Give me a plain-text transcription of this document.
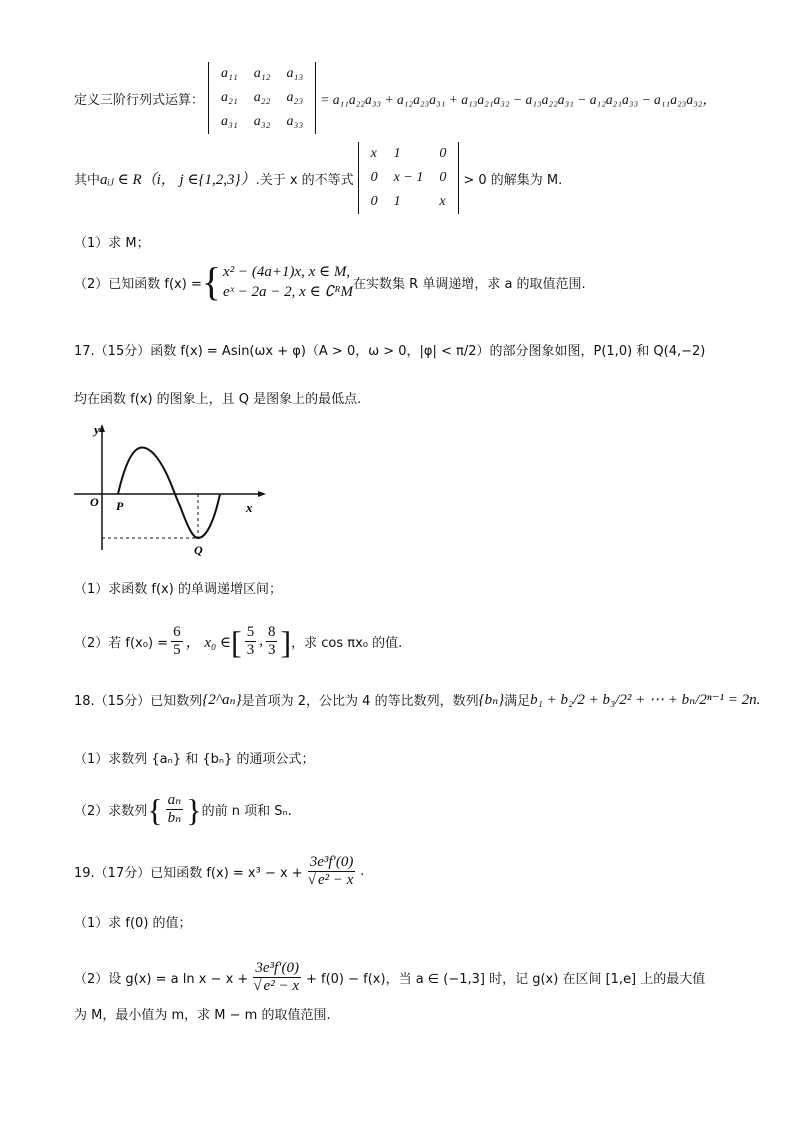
定义三阶行列式运算：
a₁₁	a₁₂	a₁₃
a₂₁	a₂₂	a₂₃
a₃₁	a₃₂	a₃₃
= a₁₁a₂₂a₃₃ + a₁₂a₂₃a₃₁ + a₁₃a₂₁a₃₂ − a₁₃a₂₂a₃₁ − a₁₂a₂₁a₃₃ − a₁₁a₂₃a₃₂，
其中 aᵢⱼ ∈ R（i， j ∈{1,2,3}） .关于 x 的不等式
x	1	0
0	x − 1	0
0	1	x
> 0 的解集为 M.
（1）求 M；
（2）已知函数 f(x) = { x² − (4a+1)x, x ∈ M,
eˣ − 2a − 2, x ∈ ∁ᴿM 在实数集 R 单调递增，求 a 的取值范围.
17.（15分）函数 f(x) = Asin(ωx + φ)（A > 0，ω > 0，|φ| < π/2）的部分图象如图，P(1,0) 和 Q(4,−2)
均在函数 f(x) 的图象上，且 Q 是图象上的最低点.
y
x
O P
Q
（1）求函数 f(x) 的单调递增区间；
（2）若 $f(x_0) = \frac{6}{5}$ ， x₀ ∈ [ $\frac{5}{3}$ , $\frac{8}{3}$ ] ，求 cos πx₀ 的值.
18.（15分）已知数列 {2^aₙ} 是首项为 2，公比为 4 的等比数列，数列 {bₙ} 满足 b₁ + b₂/2 + b₃/2² + ⋯ + bₙ/2ⁿ⁻¹ = 2n.
（1）求数列 {aₙ} 和 {bₙ} 的通项公式；
（2）求数列 { $\frac{\text{aₙ}}{\text{bₙ}}$ } 的前 n 项和 Sₙ.
19.（17分）已知函数 $f(x) = x^3 - x + \frac{\text{3e³f′(0)}}{\text{√ e² − x}}$ .
（1）求 f(0) 的值；
（2）设 g(x) = a $\ln x - x + \frac{\text{3e³f′(0)}}{\text{√ e² − x}} + f(0) - f(x)$，当 a ∈ (−1,3] 时，记 g(x) 在区间 [1,e] 上的最大值
为 M，最小值为 m，求 M − m 的取值范围.
